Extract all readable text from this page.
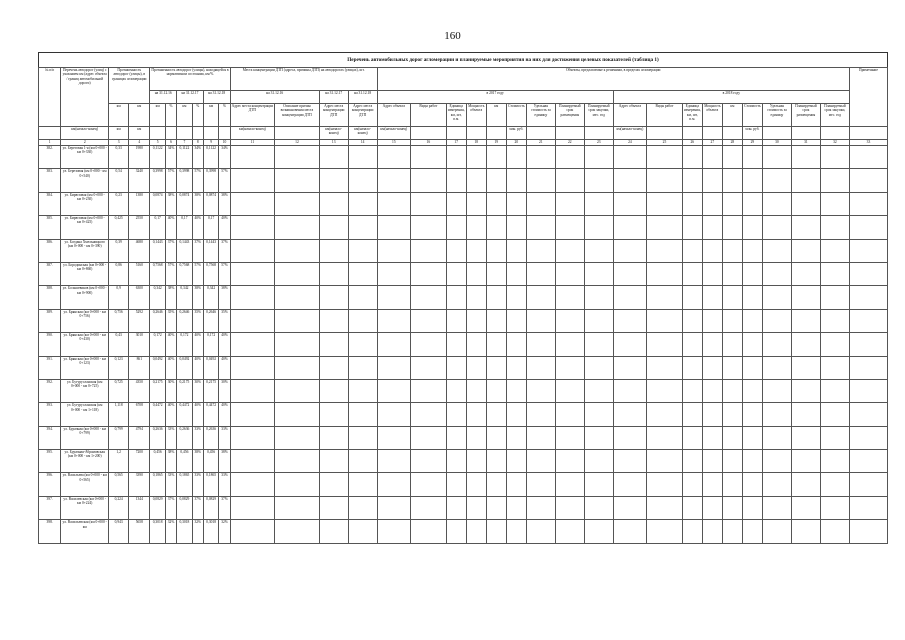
160
Перечень автомобильных дорог агломерации и планируемые мероприятия на них для достижения целевых показателей (таблица 1)
№ п/п	Перечень автодорог (улиц) с указанием км (адрес объекта / границ автомобильной дороги)	Протяженность автодорог (улицы), в границах агломерации		Протяженность автодорог (улицы), находящейся в нормативном состоянии, км/%						Места концентрации ДТП (адреса, причины ДТП) на автодорогах (улицах), шт.				Объекты, предлагаемые к решениям, в пределах агломерации																		Примечание
				на 31.12.16		на 31.12.17		на 31.12.18		на 31.12.16		на 31.12.17	на 31.12.18	в 2017 году									в 2018 году									
		км	км	км	%	км	%	км	%	Адрес места концентрации ДТП	Описание причин возникновения места концентрации ДТП	Адрес места концентрации ДТП	Адрес места концентрации ДТП	Адрес объекта	Виды работ	Единица измерения, км, шт, п.м.	Мощность объекта	км	Стоимость	Удельная стоимость за единицу	Планируемый срок размещения	Планируемый срок закупки, мес. год	Адрес объекта	Виды работ	Единица измерения, км, шт, п.м.	Мощность объекта	км	Стоимость	Удельная стоимость за единицу	Планируемый срок размещения	Планируемый срок закупки, мес. год	
	км(начало-конец)	км	км							км(начало-конец)		км(начало-конец)	км(начало-конец)	км(начало-конец)					млн. руб.				км(начало-конец)					млн. руб.				
1	2	3	4	5	6	7	8	9	10	11	12	13	14	15	16	17	18	19	20	21	22	23	24	25	26	27	28	29	30	31	32	33
382.	ул. Береговая 1-я (км 0+000 - км 0+330)	0,33	1980	0,1122	34%	0,1122	34%	0,1122	34%																							
383.	ул. Березовая (км 0+000 - км 0+540)	0,54	3240	0,3998	57%	0,3998	57%	0,3998	57%																							
384.	ул. Бирюзовая (км 0+000 - км 0+230)	0,23	1380	0,0874	38%	0,0874	38%	0,0874	38%																							
385.	ул. Бирюзовая (км 0+000 - км 0+425)	0,425	2550	0,17	40%	0,17	40%	0,17	40%																							
386.	ул. Богдана Хмельницкого (км 0+000 - км 0+390)	0,39	4680	0,1443	37%	0,1443	37%	0,1443	37%																							
387.	ул. Бородинская (км 0+000 - км 0+860)	0,86	5160	0,7568	57%	0,7568	57%	0,7568	57%																							
388.	ул. Большевиков (км 0+000 - км 0+900)	0,9	6300	0,342	38%	0,342	38%	0,342	38%																							
389.	ул. Брянская (км 0+000 - км 0+756)	0,756	5292	0,2646	35%	0,2646	35%	0,2646	35%																							
390.	ул. Брянская (км 0+000 - км 0+430)	0,43	3010	0,172	40%	0,172	40%	0,172	40%																							
391.	ул. Брянская (км 0+000 - км 0+123)	0,123	861	0,0492	40%	0,0492	40%	0,0492	40%																							
392.	ул. Бугурусланская (км 0+000 - км 0+725)	0,725	4350	0,2175	30%	0,2175	30%	0,2175	30%																							
393.	ул. Бугурусланская (км 0+000 - км 1+118)	1,118	6708	0,4472	40%	0,4472	40%	0,4472	40%																							
394.	ул. Бурачная (км 0+000 - км 0+799)	0,799	4794	0,2636	33%	0,2636	33%	0,2636	33%																							
395.	ул. Бурачная-Абрамовская (км 0+000 - км 1+200)	1,2	7200	0,456	38%	0,456	38%	0,456	38%																							
396.	ул. Васильева (км 0+000 - км 0+565)	0,565	3390	0,1865	33%	0,1865	33%	0,1865	33%																							
397.	ул. Василевская (км 0+000 - км 0+224)	0,224	1344	0,0829	37%	0,0829	37%	0,0829	37%																							
398.	ул. Васильевская (км 0+000 - км	0,943	5658	0,3018	32%	0,3018	32%	0,3018	32%																							
